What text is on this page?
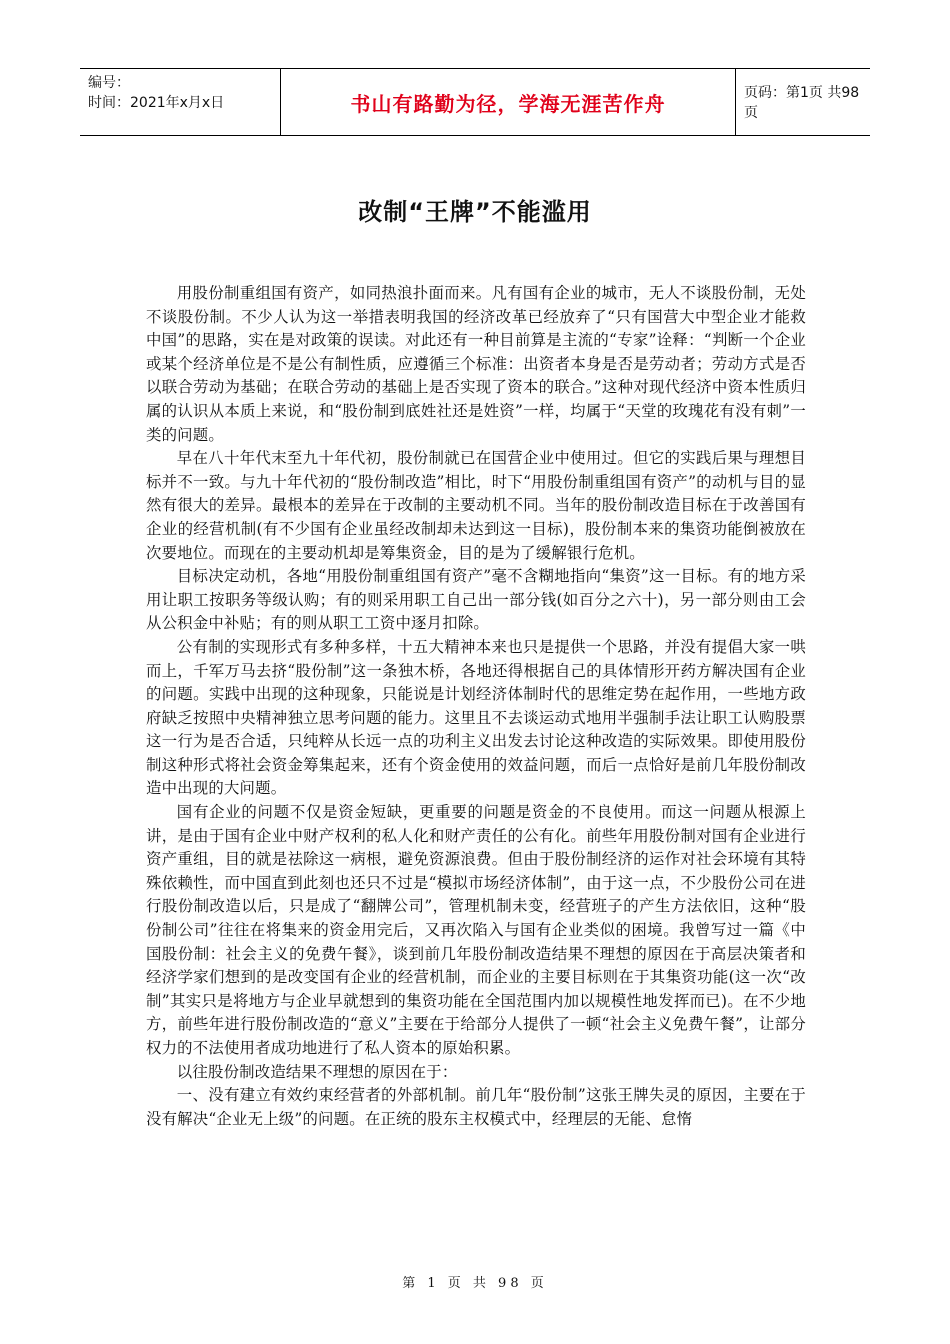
编号：
时间：2021年x月x日	书山有路勤为径，学海无涯苦作舟	页码：第1页 共98页
改制“王牌”不能滥用

用股份制重组国有资产，如同热浪扑面而来。凡有国有企业的城市，无人不谈股份制，无处不谈股份制。不少人认为这一举措表明我国的经济改革已经放弃了“只有国营大中型企业才能救中国”的思路，实在是对政策的误读。对此还有一种目前算是主流的“专家”诠释：“判断一个企业或某个经济单位是不是公有制性质，应遵循三个标准：出资者本身是否是劳动者；劳动方式是否以联合劳动为基础；在联合劳动的基础上是否实现了资本的联合。”这种对现代经济中资本性质归属的认识从本质上来说，和“股份制到底姓社还是姓资”一样，均属于“天堂的玫瑰花有没有刺”一类的问题。

早在八十年代末至九十年代初，股份制就已在国营企业中使用过。但它的实践后果与理想目标并不一致。与九十年代初的“股份制改造”相比，时下“用股份制重组国有资产”的动机与目的显然有很大的差异。最根本的差异在于改制的主要动机不同。当年的股份制改造目标在于改善国有企业的经营机制(有不少国有企业虽经改制却未达到这一目标)，股份制本来的集资功能倒被放在次要地位。而现在的主要动机却是筹集资金，目的是为了缓解银行危机。

目标决定动机，各地“用股份制重组国有资产”毫不含糊地指向“集资”这一目标。有的地方采用让职工按职务等级认购；有的则采用职工自己出一部分钱(如百分之六十)，另一部分则由工会从公积金中补贴；有的则从职工工资中逐月扣除。

公有制的实现形式有多种多样，十五大精神本来也只是提供一个思路，并没有提倡大家一哄而上，千军万马去挤“股份制”这一条独木桥，各地还得根据自己的具体情形开药方解决国有企业的问题。实践中出现的这种现象，只能说是计划经济体制时代的思维定势在起作用，一些地方政府缺乏按照中央精神独立思考问题的能力。这里且不去谈运动式地用半强制手法让职工认购股票这一行为是否合适，只纯粹从长远一点的功利主义出发去讨论这种改造的实际效果。即使用股份制这种形式将社会资金筹集起来，还有个资金使用的效益问题，而后一点恰好是前几年股份制改造中出现的大问题。

国有企业的问题不仅是资金短缺，更重要的问题是资金的不良使用。而这一问题从根源上讲，是由于国有企业中财产权利的私人化和财产责任的公有化。前些年用股份制对国有企业进行资产重组，目的就是祛除这一病根，避免资源浪费。但由于股份制经济的运作对社会环境有其特殊依赖性，而中国直到此刻也还只不过是“模拟市场经济体制”，由于这一点，不少股份公司在进行股份制改造以后，只是成了“翻牌公司”，管理机制未变，经营班子的产生方法依旧，这种“股份制公司”往往在将集来的资金用完后，又再次陷入与国有企业类似的困境。我曾写过一篇《中国股份制：社会主义的免费午餐》，谈到前几年股份制改造结果不理想的原因在于高层决策者和经济学家们想到的是改变国有企业的经营机制，而企业的主要目标则在于其集资功能(这一次“改制”其实只是将地方与企业早就想到的集资功能在全国范围内加以规模性地发挥而已)。在不少地方，前些年进行股份制改造的“意义”主要在于给部分人提供了一顿“社会主义免费午餐”，让部分权力的不法使用者成功地进行了私人资本的原始积累。

以往股份制改造结果不理想的原因在于：

一、没有建立有效约束经营者的外部机制。前几年“股份制”这张王牌失灵的原因，主要在于没有解决“企业无上级”的问题。在正统的股东主权模式中，经理层的无能、怠惰

第 1 页 共 98 页
